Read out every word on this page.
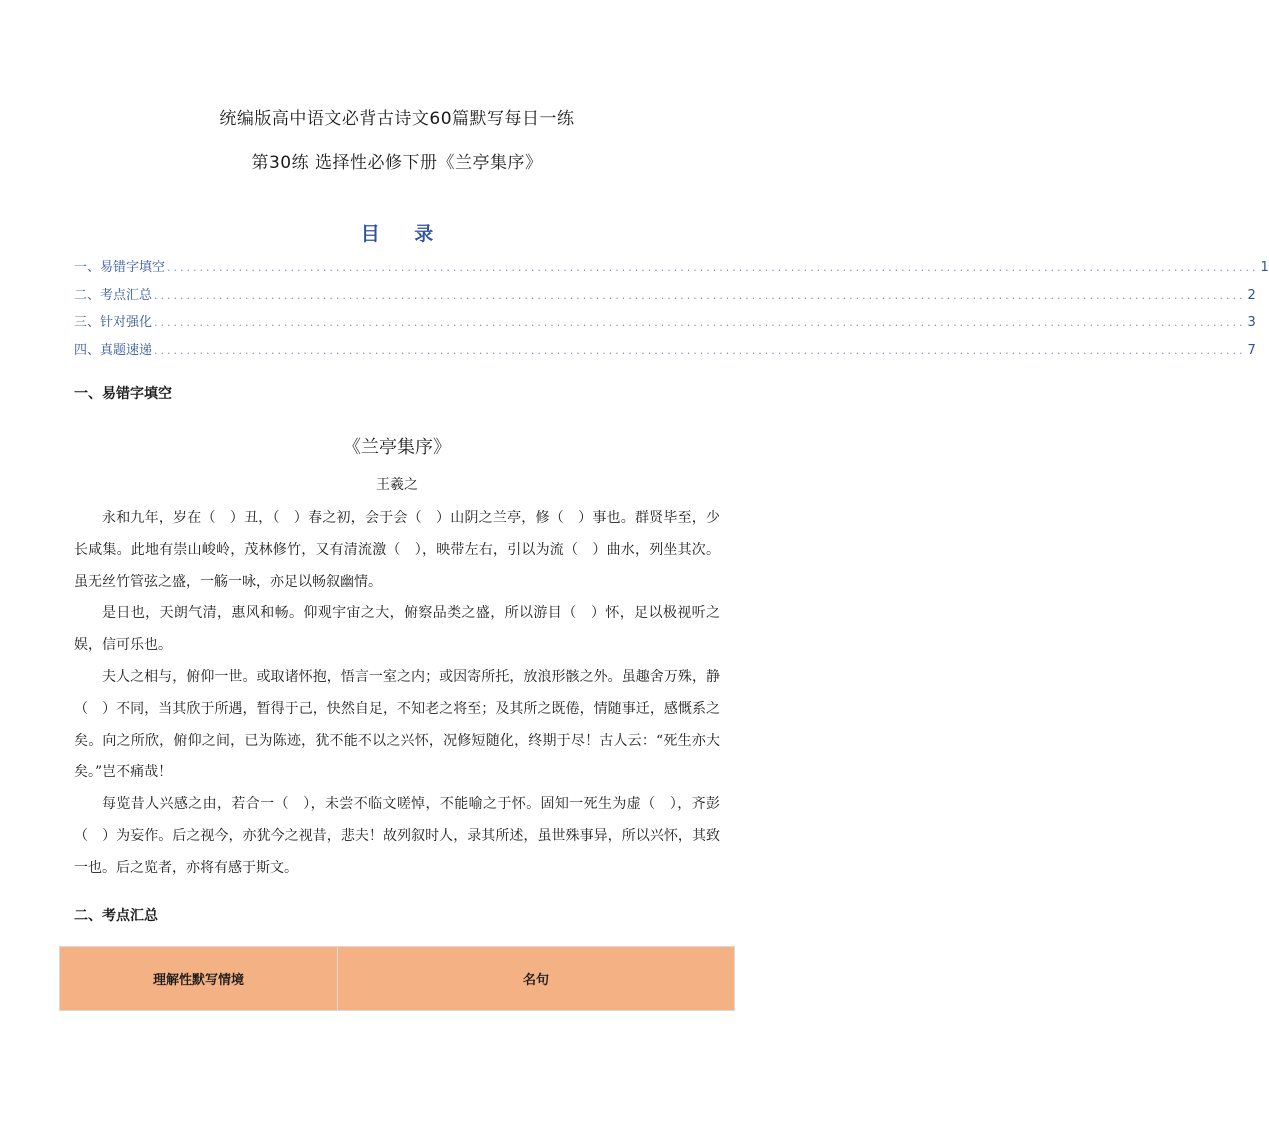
统编版高中语文必背古诗文60篇默写每日一练
第30练 选择性必修下册《兰亭集序》
目 录
一、易错字填空 ........................................................................................................................................................................ 1
二、考点汇总 ........................................................................................................................................................................ 2
三、针对强化 ........................................................................................................................................................................ 3
四、真题速递 ........................................................................................................................................................................ 7
一、易错字填空
《兰亭集序》
王羲之

永和九年，岁在（　）丑，（　）春之初，会于会（　）山阴之兰亭，修（　）事也。群贤毕至，少长咸集。此地有崇山峻岭，茂林修竹，又有清流激（　），映带左右，引以为流（　）曲水，列坐其次。虽无丝竹管弦之盛，一觞一咏，亦足以畅叙幽情。

是日也，天朗气清，惠风和畅。仰观宇宙之大，俯察品类之盛，所以游目（　）怀，足以极视听之娱，信可乐也。

夫人之相与，俯仰一世。或取诸怀抱，悟言一室之内；或因寄所托，放浪形骸之外。虽趣舍万殊，静（　）不同，当其欣于所遇，暂得于己，快然自足，不知老之将至；及其所之既倦，情随事迁，感慨系之矣。向之所欣，俯仰之间，已为陈迹，犹不能不以之兴怀，况修短随化，终期于尽！古人云：“死生亦大矣。”岂不痛哉！

每览昔人兴感之由，若合一（　），未尝不临文嗟悼，不能喻之于怀。固知一死生为虚（　），齐彭（　）为妄作。后之视今，亦犹今之视昔，悲夫！故列叙时人，录其所述，虽世殊事异，所以兴怀，其致一也。后之览者，亦将有感于斯文。

二、考点汇总
理解性默写情境	名句
